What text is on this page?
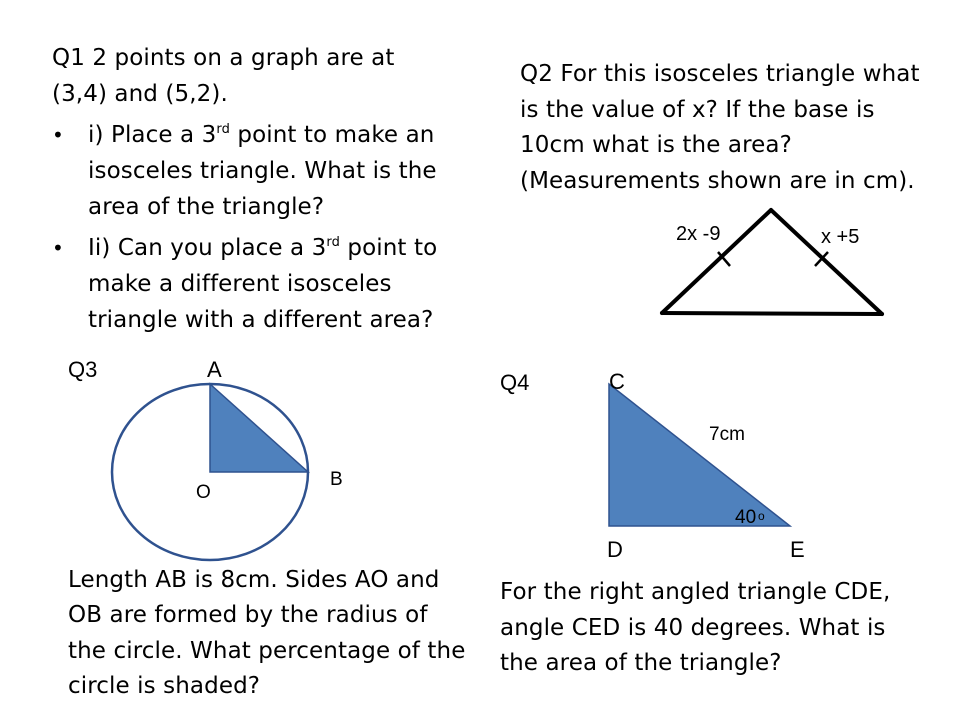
Q1 2 points on a graph are at
(3,4) and (5,2).
• i) Place a 3rd point to make an
isosceles triangle. What is the
area of the triangle?
• Ii) Can you place a 3rd point to
make a different isosceles
triangle with a different area?
Q2 For this isosceles triangle what
is the value of x? If the base is
10cm what is the area?
(Measurements shown are in cm).
Length AB is 8cm. Sides AO and
OB are formed by the radius of
the circle. What percentage of the
circle is shaded?
For the right angled triangle CDE,
angle CED is 40 degrees. What is
the area of the triangle?
2x -9	x +5
Q3	A
B
O
Q4	C
D	E
7cm
40 o
